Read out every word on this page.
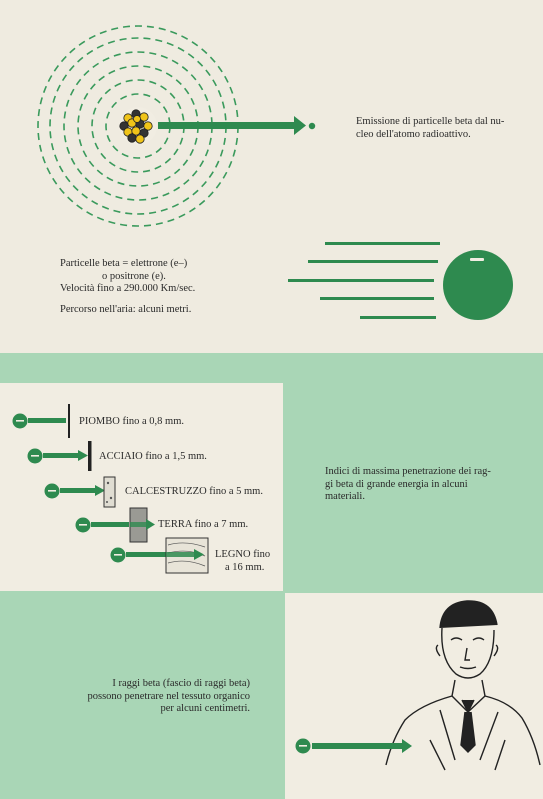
Emissione di particelle beta dal nu-
cleo dell'atomo radioattivo.
Particelle beta = elettrone (e–)
o positrone (e).
Velocità fino a 290.000 Km/sec.
Percorso nell'aria: alcuni metri.
PIOMBO fino a 0,8 mm.
ACCIAIO fino a 1,5 mm.
CALCESTRUZZO fino a 5 mm.
TERRA fino a 7 mm.
LEGNO fino
a 16 mm.
Indici di massima penetrazione dei rag-
gi beta di grande energia in alcuni
materiali.
I raggi beta (fascio di raggi beta)
possono penetrare nel tessuto organico
per alcuni centimetri.
